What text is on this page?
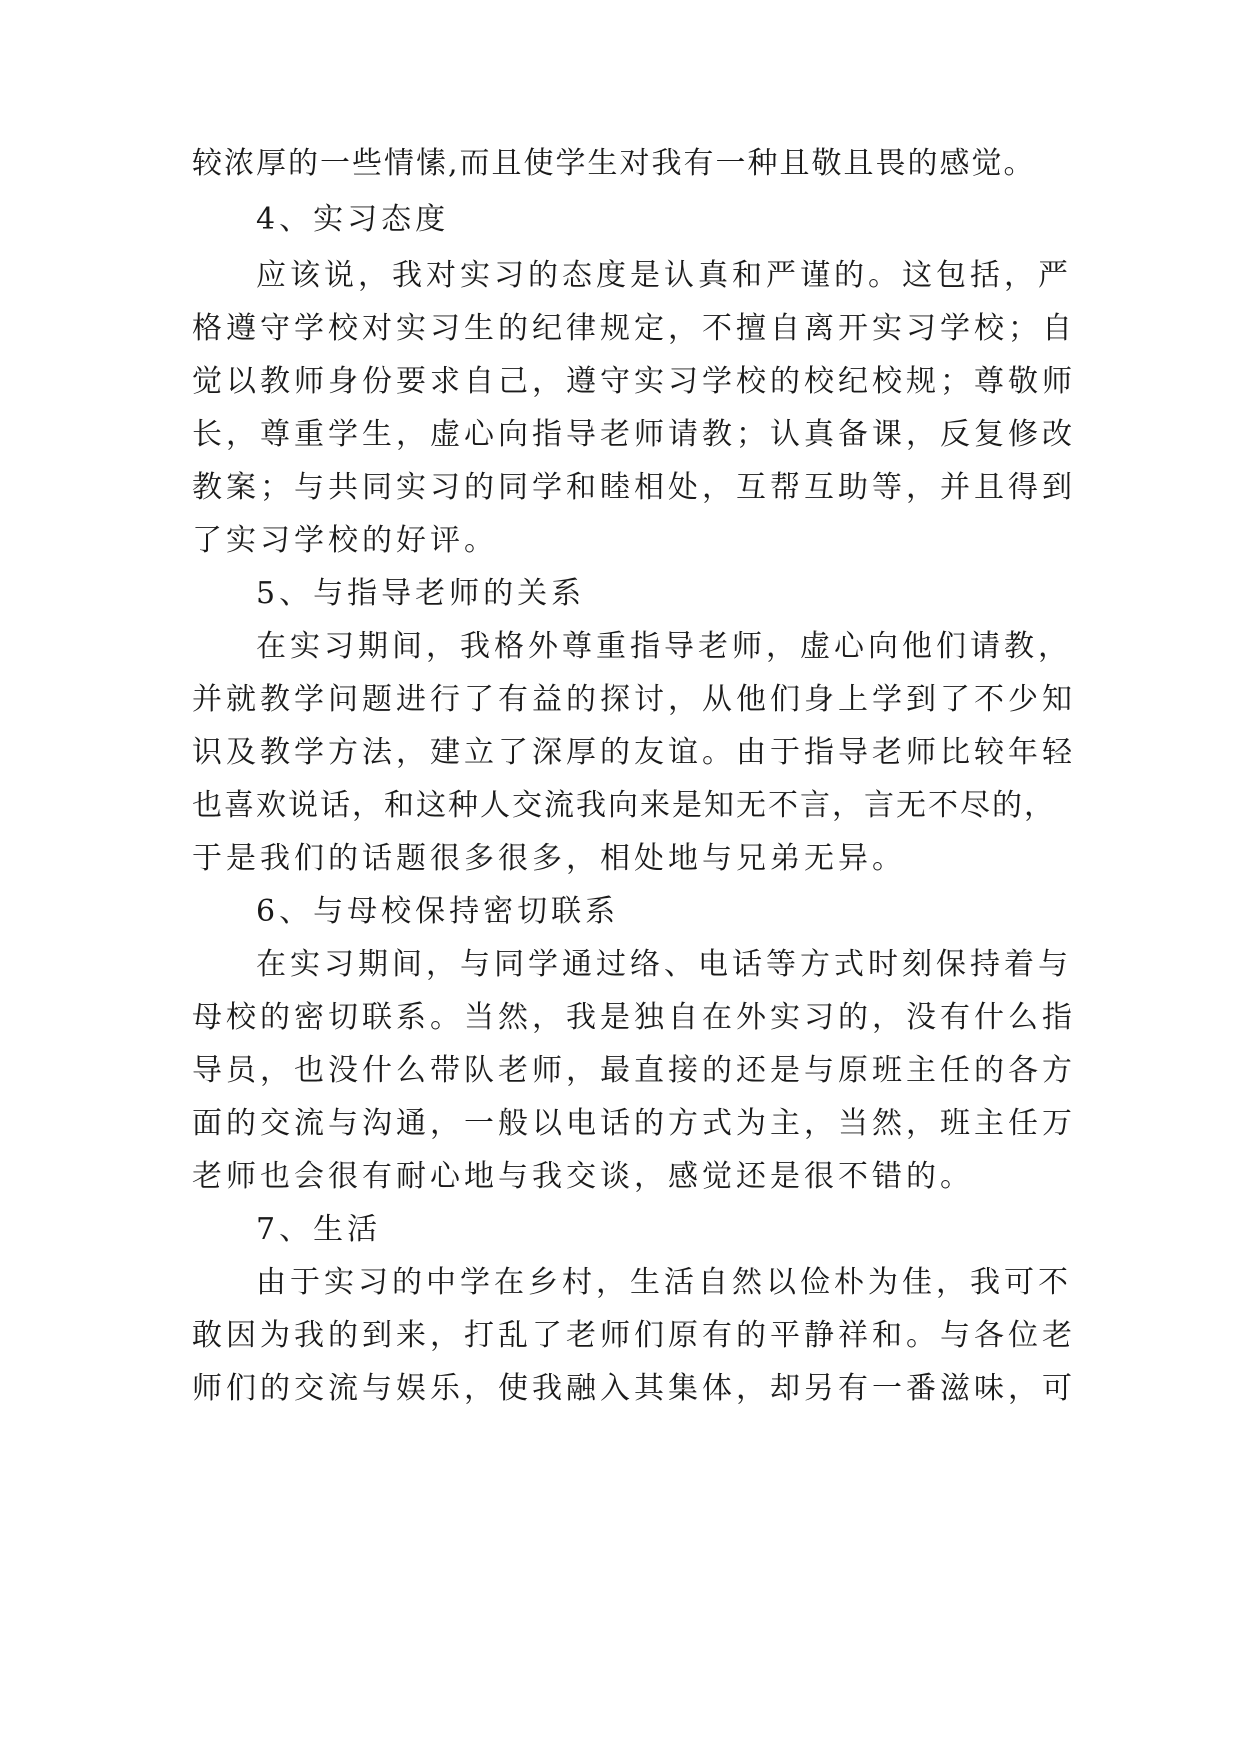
较浓厚的一些情愫,而且使学生对我有一种且敬且畏的感觉。
4、实习态度
应该说，我对实习的态度是认真和严谨的。这包括，严
格遵守学校对实习生的纪律规定，不擅自离开实习学校；自
觉以教师身份要求自己，遵守实习学校的校纪校规；尊敬师
长，尊重学生，虚心向指导老师请教；认真备课，反复修改
教案；与共同实习的同学和睦相处，互帮互助等，并且得到
了实习学校的好评。
5、与指导老师的关系
在实习期间，我格外尊重指导老师，虚心向他们请教，
并就教学问题进行了有益的探讨，从他们身上学到了不少知
识及教学方法，建立了深厚的友谊。由于指导老师比较年轻
也喜欢说话，和这种人交流我向来是知无不言，言无不尽的，
于是我们的话题很多很多，相处地与兄弟无异。
6、与母校保持密切联系
在实习期间，与同学通过络、电话等方式时刻保持着与
母校的密切联系。当然，我是独自在外实习的，没有什么指
导员，也没什么带队老师，最直接的还是与原班主任的各方
面的交流与沟通，一般以电话的方式为主，当然，班主任万
老师也会很有耐心地与我交谈，感觉还是很不错的。
7、生活
由于实习的中学在乡村，生活自然以俭朴为佳，我可不
敢因为我的到来，打乱了老师们原有的平静祥和。与各位老
师们的交流与娱乐，使我融入其集体，却另有一番滋味，可
